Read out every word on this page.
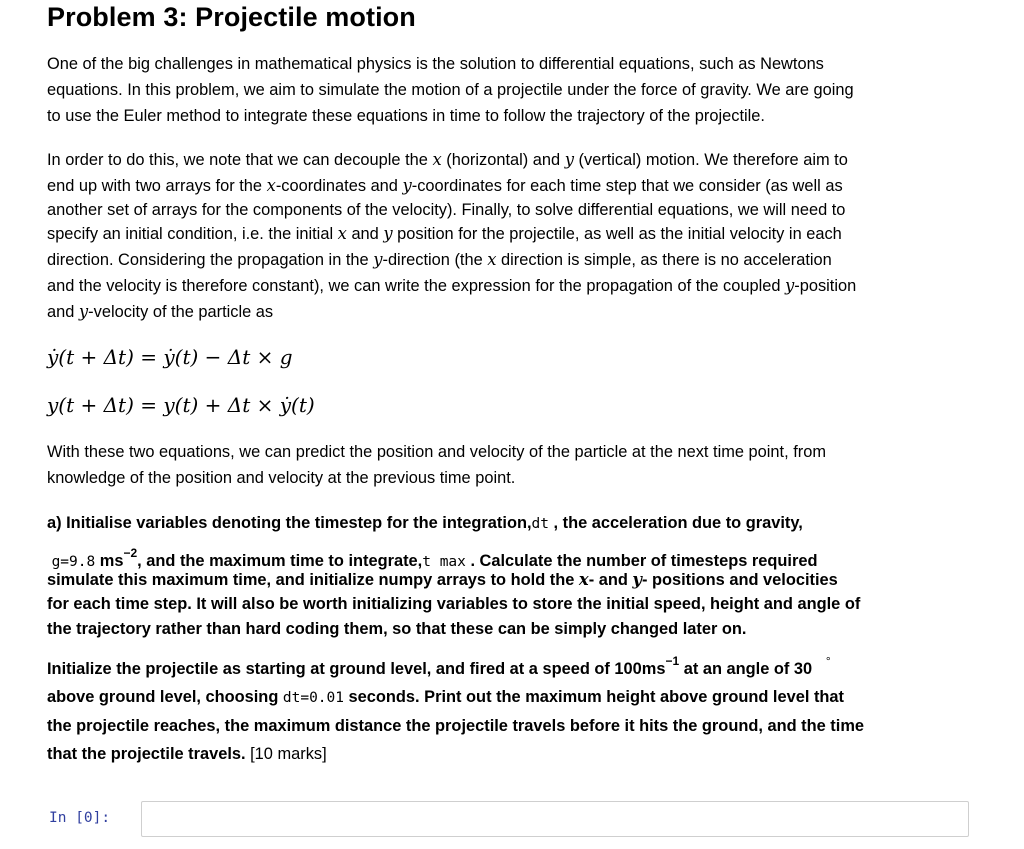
Problem 3: Projectile motion
One of the big challenges in mathematical physics is the solution to differential equations, such as Newtons
equations. In this problem, we aim to simulate the motion of a projectile under the force of gravity. We are going
to use the Euler method to integrate these equations in time to follow the trajectory of the projectile.
In order to do this, we note that we can decouple the x (horizontal) and y (vertical) motion. We therefore aim to
end up with two arrays for the x-coordinates and y-coordinates for each time step that we consider (as well as
another set of arrays for the components of the velocity). Finally, to solve differential equations, we will need to
specify an initial condition, i.e. the initial x and y position for the projectile, as well as the initial velocity in each
direction. Considering the propagation in the y-direction (the x direction is simple, as there is no acceleration
and the velocity is therefore constant), we can write the expression for the propagation of the coupled y-position
and y-velocity of the particle as
ẏ(t + Δt) = ẏ(t) − Δt × g
y(t + Δt) = y(t) + Δt × ẏ(t)
With these two equations, we can predict the position and velocity of the particle at the next time point, from
knowledge of the position and velocity at the previous time point.
a) Initialise variables denoting the timestep for the integration,dt , the acceleration due to gravity,
g=9.8 $ms^{-2}$, and the maximum time to integrate,t max . Calculate the number of timesteps required
simulate this maximum time, and initialize numpy arrays to hold the x- and y- positions and velocities
for each time step. It will also be worth initializing variables to store the initial speed, height and angle of
the trajectory rather than hard coding them, so that these can be simply changed later on.
Initialize the projectile as starting at ground level, and fired at a speed of $100ms^{-1}$ at an angle of 30 °
above ground level, choosing dt=0.01 seconds. Print out the maximum height above ground level that
the projectile reaches, the maximum distance the projectile travels before it hits the ground, and the time
that the projectile travels. [10 marks]
In [0]:
